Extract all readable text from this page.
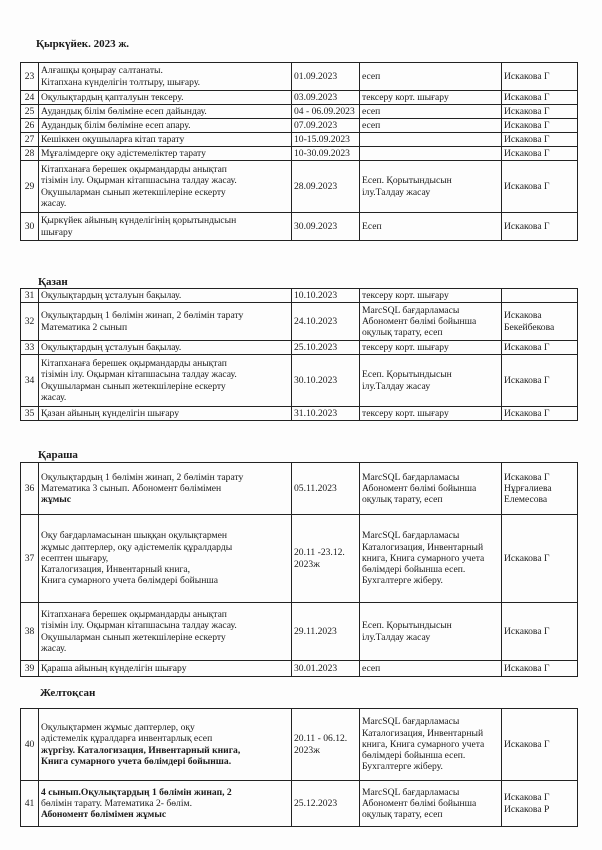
Қыркүйек. 2023 ж.
23	Алғашқы қоңырау салтанаты.
Кітапхана күнделігін толтыру, шығару.	01.09.2023	есеп	Искакова Г

24	Оқулықтардың қапталуын тексеру.	03.09.2023	тексеру корт. шығару	Искакова Г

25	Аудандық білім бөліміне есеп дайындау.	04 - 06.09.2023	есеп	Искакова Г

26	Аудандық білім бөліміне есеп апару.	07.09.2023	есеп	Искакова Г

27	Кешіккен оқушыларға кітап тарату	10-15.09.2023		Искакова Г

28	Мұғалімдерге оқу әдістемеліктер тарату	10-30.09.2023		Искакова Г

29	Кітапханаға берешек оқырмандарды анықтап
тізімін ілу. Оқырман кітапшасына талдау жасау.
Оқушыларман сынып жетекшілеріне ескерту
жасау.	28.09.2023	Есеп. Қорытындысын
ілу.Талдау жасау	Искакова Г

30	Қыркүйек айының күнделігінің қорытындысын
шығару	30.09.2023	Есеп	Искакова Г
Қазан
31	Оқулықтардың ұсталуын бақылау.	10.10.2023	тексеру корт. шығару	

32	Оқулықтардың 1 бөлімін жинап, 2 бөлімін тарату
Математика 2 сынып	24.10.2023	MarcSQL бағдарламасы
Абономент бөлімі бойынша
оқулық тарату, есеп	Искакова
Бекейбекова

33	Оқулықтардың ұсталуын бақылау.	25.10.2023	тексеру корт. шығару	Искакова Г

34	Кітапханаға берешек оқырмандарды анықтап
тізімін ілу. Оқырман кітапшасына талдау жасау.
Оқушыларман сынып жетекшілеріне ескерту
жасау.	30.10.2023	Есеп. Қорытындысын
ілу.Талдау жасау	Искакова Г

35	Қазан айының күнделігін шығару	31.10.2023	тексеру корт. шығару	Искакова Г
Қараша
36	Оқулықтардың 1 бөлімін жинап, 2 бөлімін тарату
Математика 3 сынып. Абономент бөлімімен
жұмыс	05.11.2023	MarcSQL бағдарламасы
Абономент бөлімі бойынша
оқулық тарату, есеп	Искакова Г
Нұрғалиева
Елемесова

37	Оқу бағдарламасынан шыққан оқулықтармен
жұмыс дәптерлер, оқу әдістемелік құралдарды
есептен шығару,
Каталогизация, Инвентарный книга,
Книга сумарного учета бөлімдері бойынша	20.11 -23.12.
2023ж	MarcSQL бағдарламасы
Каталогизация, Инвентарный
книга, Книга сумарного учета
бөлімдері бойынша есеп.
Бухгалтерге жіберу.	Искакова Г

38	Кітапханаға берешек оқырмандарды анықтап
тізімін ілу. Оқырман кітапшасына талдау жасау.
Оқушыларман сынып жетекшілеріне ескерту
жасау.	29.11.2023	Есеп. Қорытындысын
ілу.Талдау жасау	Искакова Г

39	Қараша айының күнделігін шығару	30.01.2023	есеп	Искакова Г
Желтоқсан
40	Оқулықтармен жұмыс дәптерлер, оқу
әдістемелік құралдарға инвентарлық есеп
жүргізу. Каталогизация, Инвентарный книга,
Книга сумарного учета бөлімдері бойынша.	20.11 - 06.12.
2023ж	MarcSQL бағдарламасы
Каталогизация, Инвентарный
книга, Книга сумарного учета
бөлімдері бойынша есеп.
Бухгалтерге жіберу.	Искакова Г

41	4 сынып.Оқулықтардың 1 бөлімін жинап, 2
бөлімін тарату. Математика 2- бөлім.
Абономент бөлімімен жұмыс	25.12.2023	MarcSQL бағдарламасы
Абономент бөлімі бойынша
оқулық тарату, есеп	Искакова Г
Искакова Р
